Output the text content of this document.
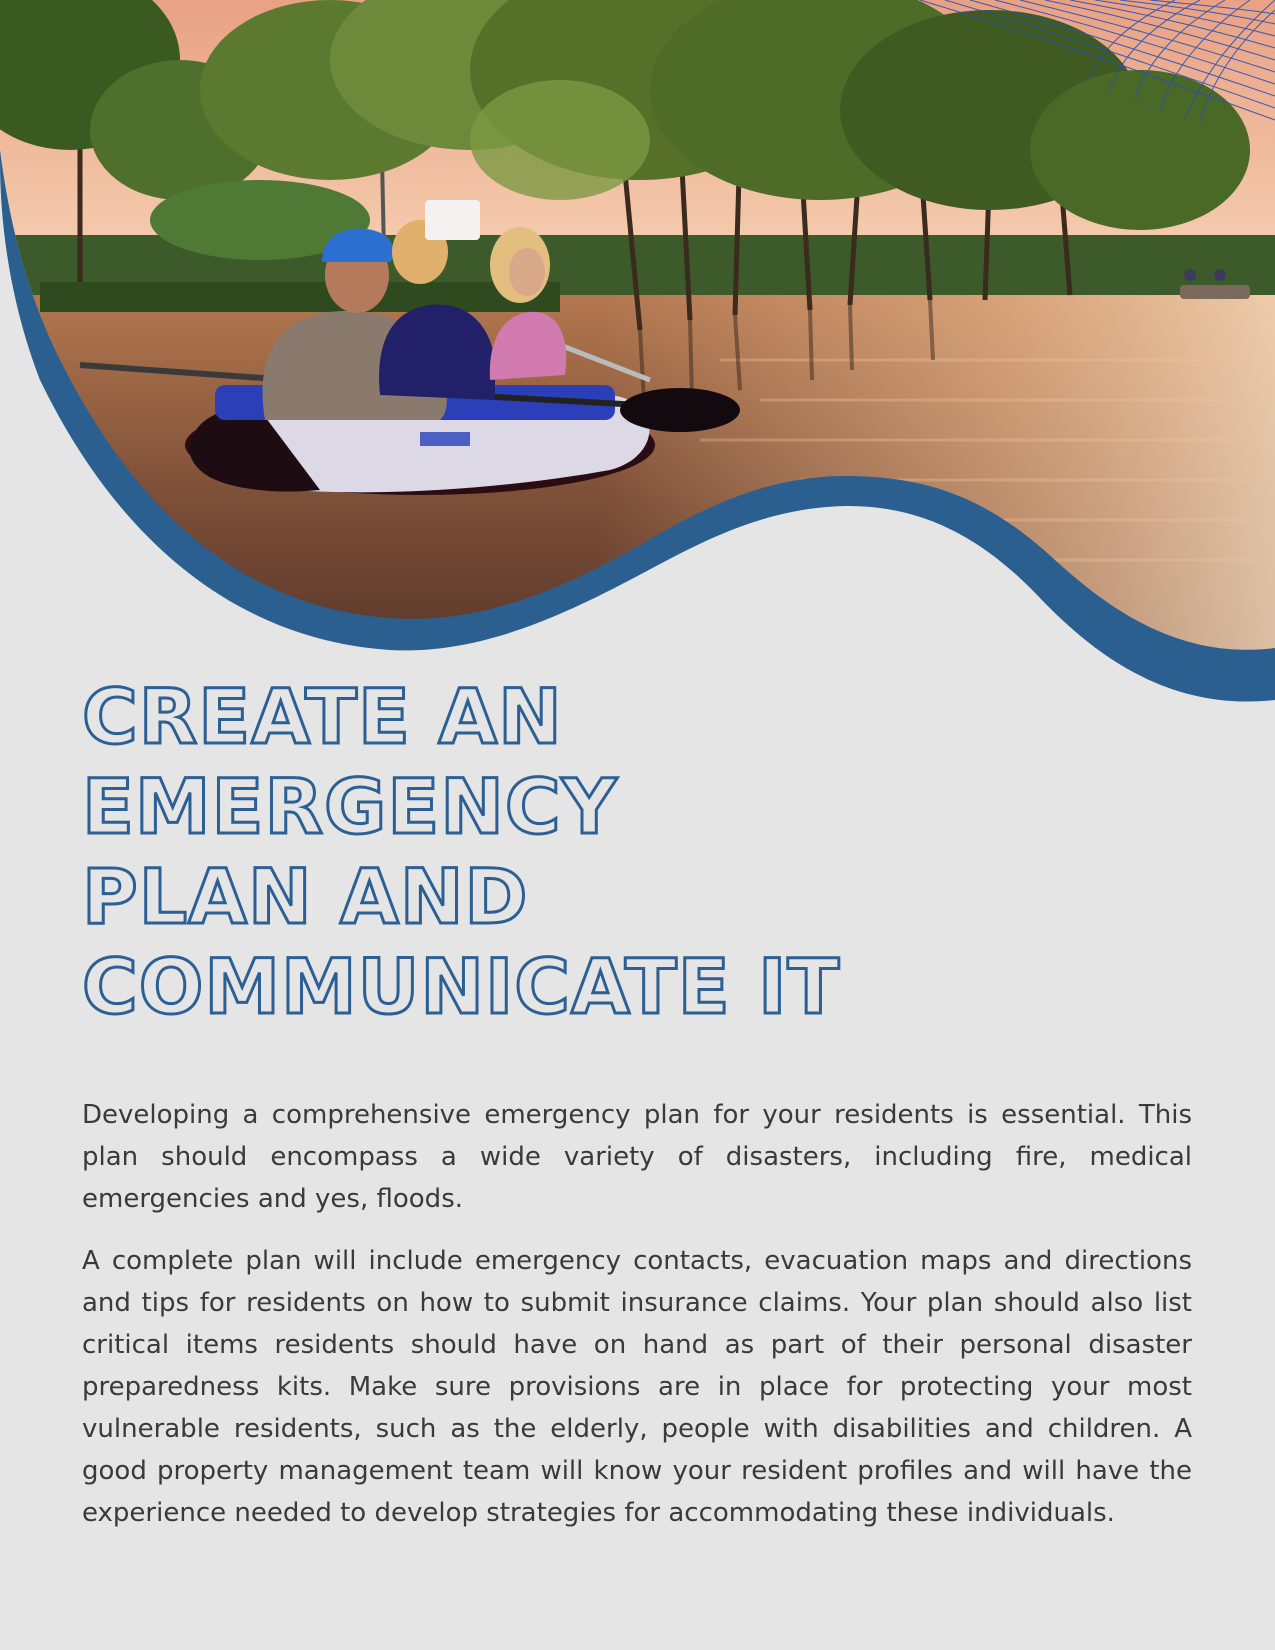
CREATE AN
EMERGENCY
PLAN AND
COMMUNICATE IT

Developing a comprehensive emergency plan for your residents is essential. This plan should encompass a wide variety of disasters, including fire, medical emergencies and yes, floods.

A complete plan will include emergency contacts, evacuation maps and directions and tips for residents on how to submit insurance claims. Your plan should also list critical items residents should have on hand as part of their personal disaster preparedness kits. Make sure provisions are in place for protecting your most vulnerable residents, such as the elderly, people with disabilities and children. A good property management team will know your resident profiles and will have the experience needed to develop strategies for accommodating these individuals.
